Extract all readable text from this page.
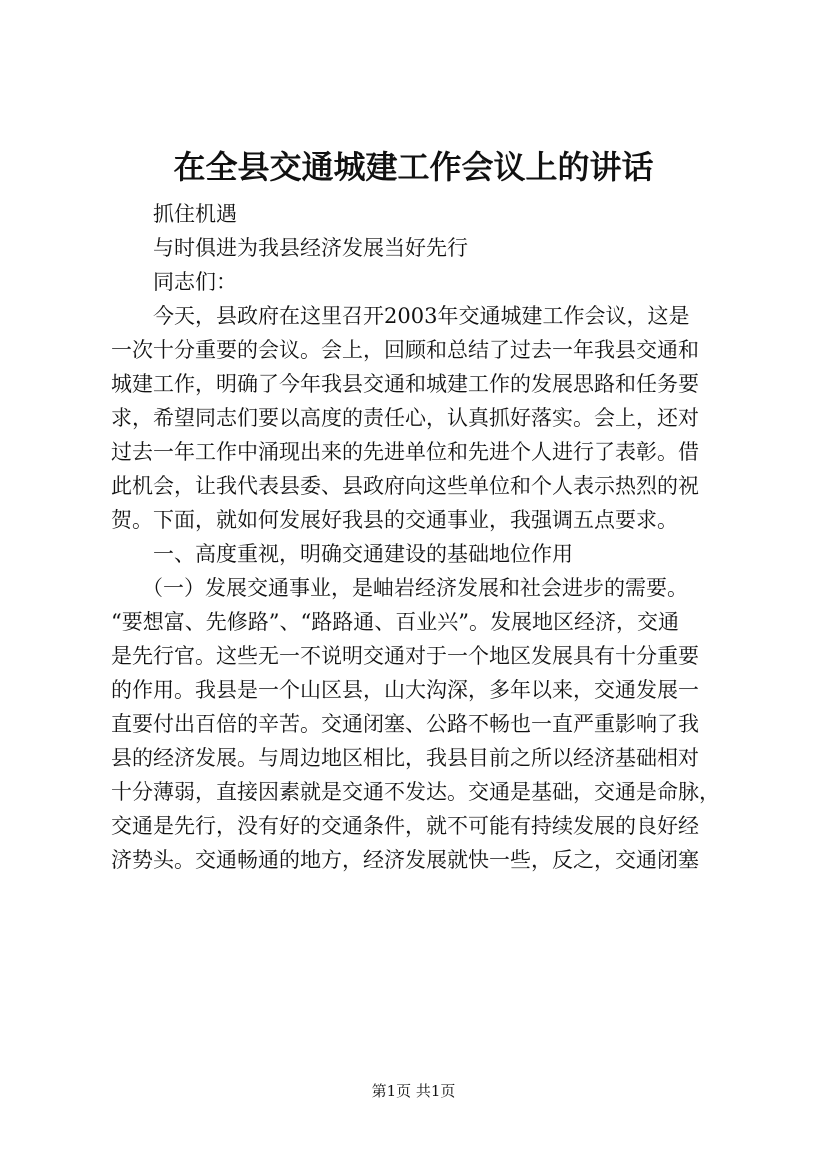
在全县交通城建工作会议上的讲话
抓住机遇
与时俱进为我县经济发展当好先行
同志们：
今天，县政府在这里召开2003年交通城建工作会议，这是
一次十分重要的会议。会上，回顾和总结了过去一年我县交通和
城建工作，明确了今年我县交通和城建工作的发展思路和任务要
求，希望同志们要以高度的责任心，认真抓好落实。会上，还对
过去一年工作中涌现出来的先进单位和先进个人进行了表彰。借
此机会，让我代表县委、县政府向这些单位和个人表示热烈的祝
贺。下面，就如何发展好我县的交通事业，我强调五点要求。
一、高度重视，明确交通建设的基础地位作用
（一）发展交通事业，是岫岩经济发展和社会进步的需要。
“要想富、先修路”、“路路通、百业兴”。发展地区经济，交通
是先行官。这些无一不说明交通对于一个地区发展具有十分重要
的作用。我县是一个山区县，山大沟深，多年以来，交通发展一
直要付出百倍的辛苦。交通闭塞、公路不畅也一直严重影响了我
县的经济发展。与周边地区相比，我县目前之所以经济基础相对
十分薄弱，直接因素就是交通不发达。交通是基础，交通是命脉，
交通是先行，没有好的交通条件，就不可能有持续发展的良好经
济势头。交通畅通的地方，经济发展就快一些，反之，交通闭塞
第1页 共1页
